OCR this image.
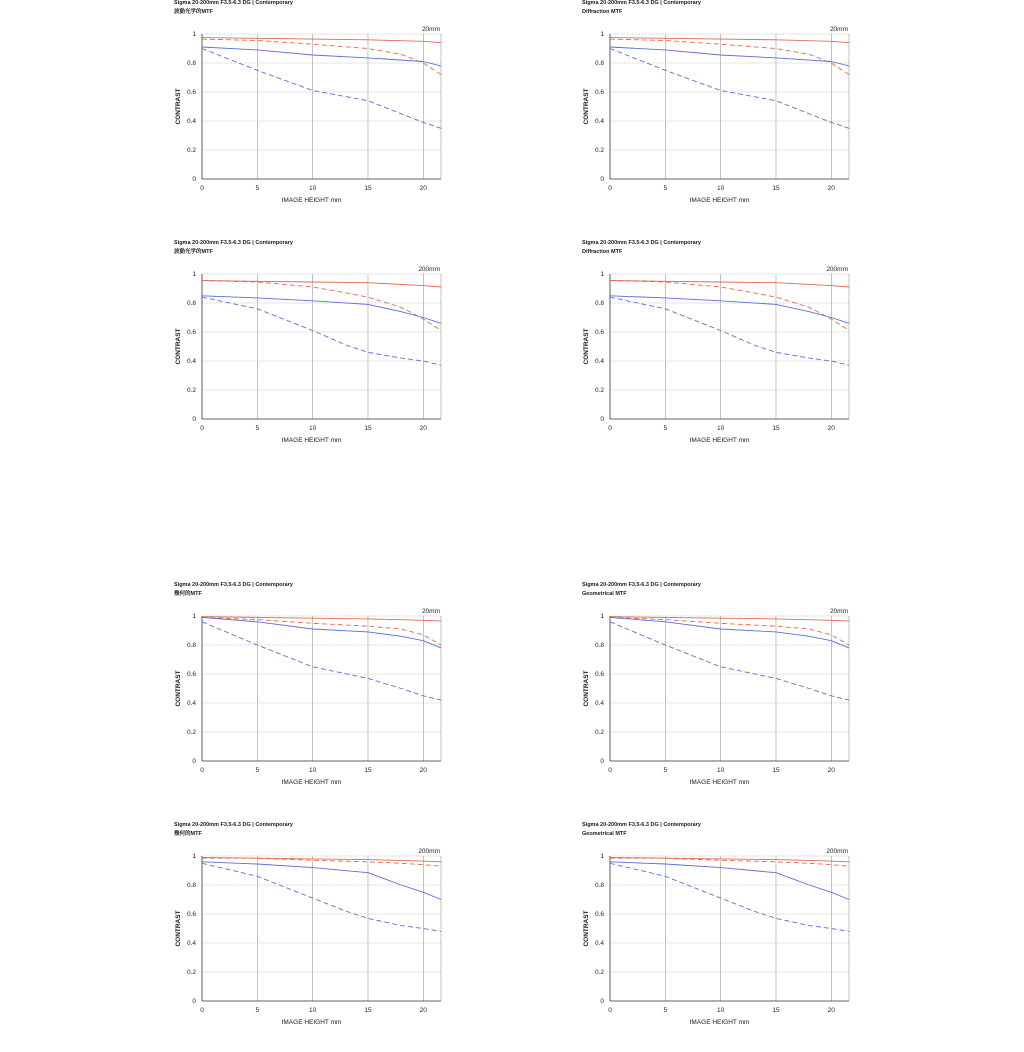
Sigma 20-200mm F3.5-6.3 DG | Contemporary
波動光学的MTF
0
0.2
0.4
0.6
0.8
1
0	5	10	15	20
20mm
IMAGE HEIGHT mm
CONTRAST
Sigma 20-200mm F3.5-6.3 DG | Contemporary
Diffraction MTF
0
0.2
0.4
0.6
0.8
1
0	5	10	15	20
20mm
IMAGE HEIGHT mm
CONTRAST
Sigma 20-200mm F3.5-6.3 DG | Contemporary
波動光学的MTF
0
0.2
0.4
0.6
0.8
1
0	5	10	15	20
200mm
IMAGE HEIGHT mm
CONTRAST
Sigma 20-200mm F3.5-6.3 DG | Contemporary
Diffraction MTF
0
0.2
0.4
0.6
0.8
1
0	5	10	15	20
200mm
IMAGE HEIGHT mm
CONTRAST
Sigma 20-200mm F3.5-6.3 DG | Contemporary
幾何的MTF
0
0.2
0.4
0.6
0.8
1
0	5	10	15	20
20mm
IMAGE HEIGHT mm
CONTRAST
Sigma 20-200mm F3.5-6.3 DG | Contemporary
Geometrical MTF
0
0.2
0.4
0.6
0.8
1
0	5	10	15	20
20mm
IMAGE HEIGHT mm
CONTRAST
Sigma 20-200mm F3.5-6.3 DG | Contemporary
幾何的MTF
0
0.2
0.4
0.6
0.8
1
0	5	10	15	20
200mm
IMAGE HEIGHT mm
CONTRAST
Sigma 20-200mm F3.5-6.3 DG | Contemporary
Geometrical MTF
0
0.2
0.4
0.6
0.8
1
0	5	10	15	20
200mm
IMAGE HEIGHT mm
CONTRAST
